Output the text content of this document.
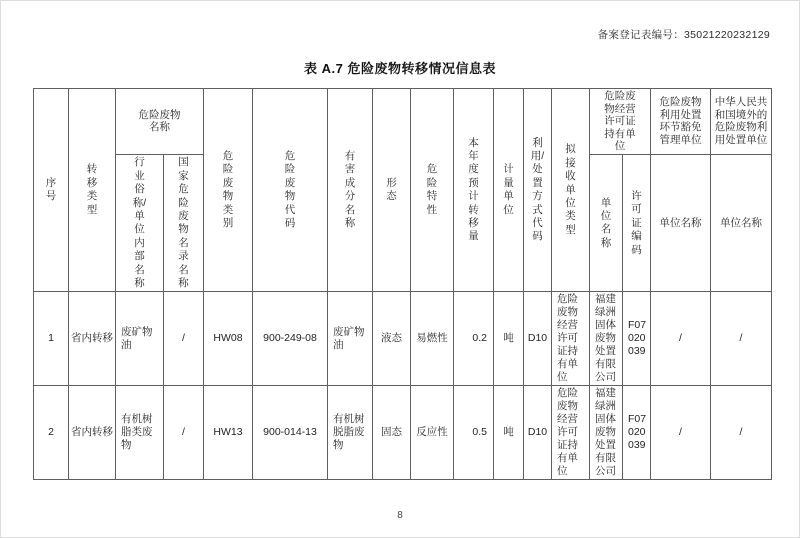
备案登记表编号：35021220232129
表 A.7 危险废物转移情况信息表
序号	转移类型	危险废物名称		危险废物类别	危险废物代码	有害成分名称	形态	危险特性	本年度预计转移量	计量单位	利用/处置方式代码	拟接收单位类型	危险废物经营许可证持有单位		危险废物利用处置环节豁免管理单位	中华人民共和国境外的危险废物利用处置单位
		行业俗称/单位内部名称	国家危险废物名录名称										单位名称	许可证编码	单位名称	单位名称
1	省内转移	废矿物油	/	HW08	900-249-08	废矿物油	液态	易燃性	0.2	吨	D10	危险废物经营许可证持有单位	福建绿洲固体废物处置有限公司	F07020039	/	/
2	省内转移	有机树脂类废物	/	HW13	900-014-13	有机树脱脂废物	固态	反应性	0.5	吨	D10	危险废物经营许可证持有单位	福建绿洲固体废物处置有限公司	F07020039	/	/
8
